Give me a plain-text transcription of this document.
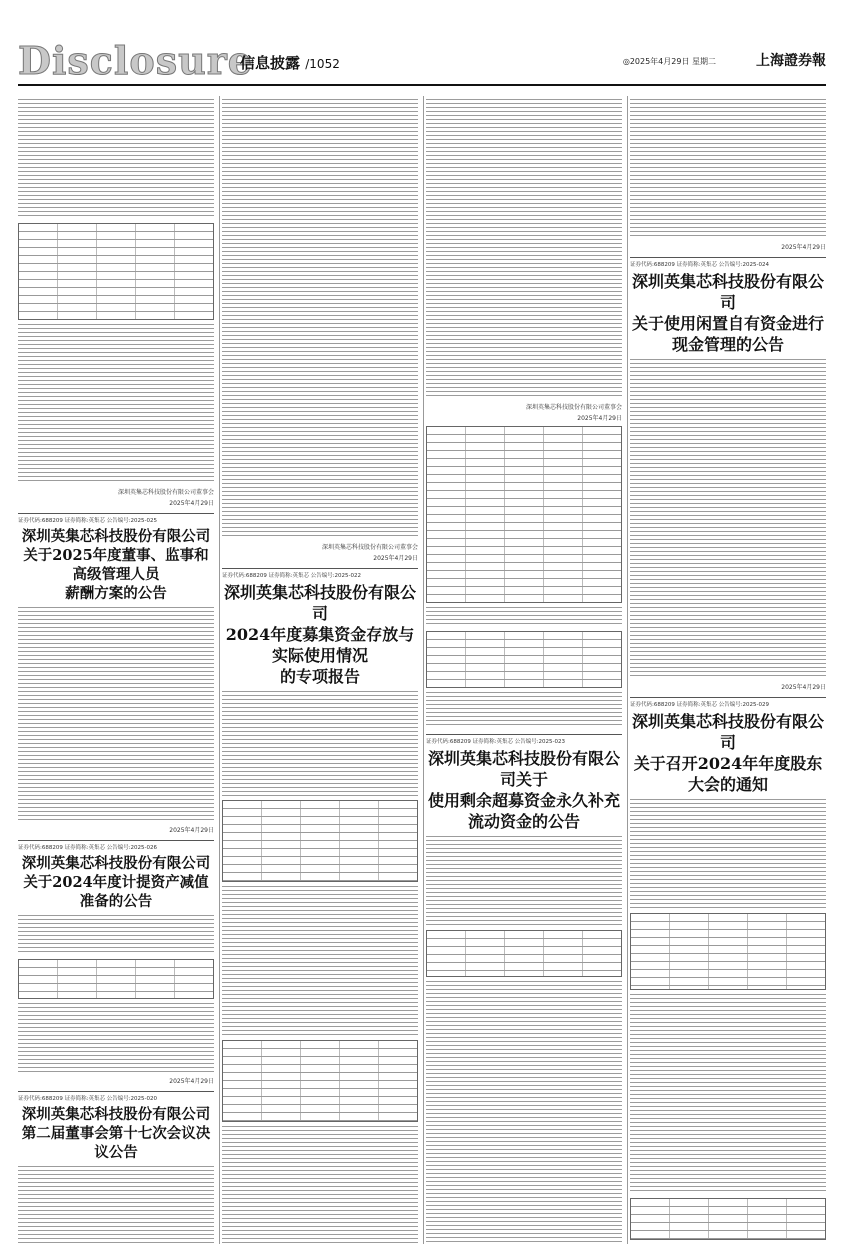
Disclosure
信息披露 /1052	◎2025年4月29日 星期二	上海證券報
深圳英集芯科技股份有限公司董事会
2025年4月29日
证券代码:688209 证券简称:英集芯 公告编号:2025-025
深圳英集芯科技股份有限公司
关于2025年度董事、监事和高级管理人员
薪酬方案的公告
2025年4月29日
证券代码:688209 证券简称:英集芯 公告编号:2025-026
深圳英集芯科技股份有限公司
关于2024年度计提资产减值准备的公告
2025年4月29日
证券代码:688209 证券简称:英集芯 公告编号:2025-020
深圳英集芯科技股份有限公司
第二届董事会第十七次会议决议公告
深圳英集芯科技股份有限公司董事会
2025年4月29日
证券代码:688209 证券简称:英集芯 公告编号:2025-022
深圳英集芯科技股份有限公司
2024年度募集资金存放与实际使用情况
的专项报告
深圳英集芯科技股份有限公司董事会
2025年4月29日
证券代码:688209 证券简称:英集芯 公告编号:2025-023
深圳英集芯科技股份有限公司关于
使用剩余超募资金永久补充流动资金的公告
2025年4月29日
证券代码:688209 证券简称:英集芯 公告编号:2025-024
深圳英集芯科技股份有限公司
关于使用闲置自有资金进行现金管理的公告
2025年4月29日
证券代码:688209 证券简称:英集芯 公告编号:2025-029
深圳英集芯科技股份有限公司
关于召开2024年年度股东大会的通知
